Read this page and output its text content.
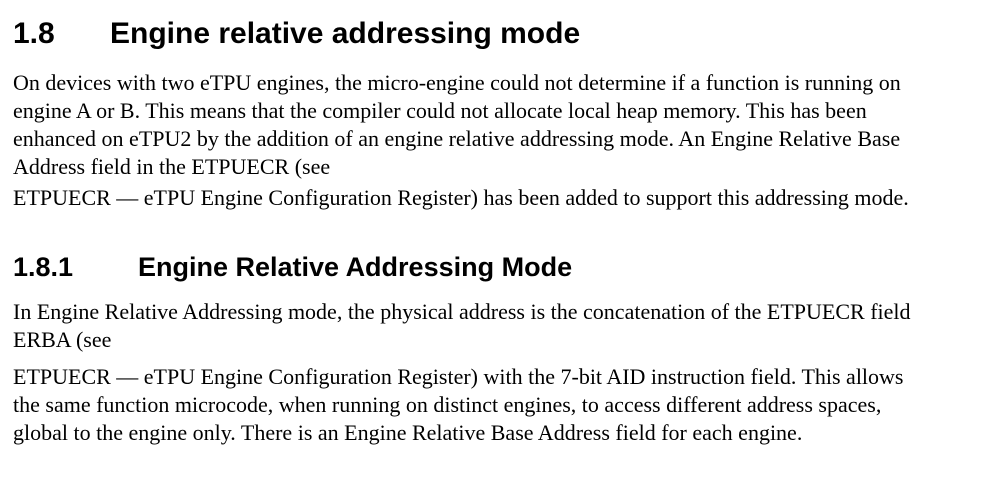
1.8 Engine relative addressing mode

On devices with two eTPU engines, the micro-engine could not determine if a function is running on
engine A or B. This means that the compiler could not allocate local heap memory. This has been
enhanced on eTPU2 by the addition of an engine relative addressing mode. An Engine Relative Base
Address field in the ETPUECR (see

ETPUECR — eTPU Engine Configuration Register) has been added to support this addressing mode.

1.8.1 Engine Relative Addressing Mode

In Engine Relative Addressing mode, the physical address is the concatenation of the ETPUECR field
ERBA (see

ETPUECR — eTPU Engine Configuration Register) with the 7-bit AID instruction field. This allows
the same function microcode, when running on distinct engines, to access different address spaces,
global to the engine only. There is an Engine Relative Base Address field for each engine.
